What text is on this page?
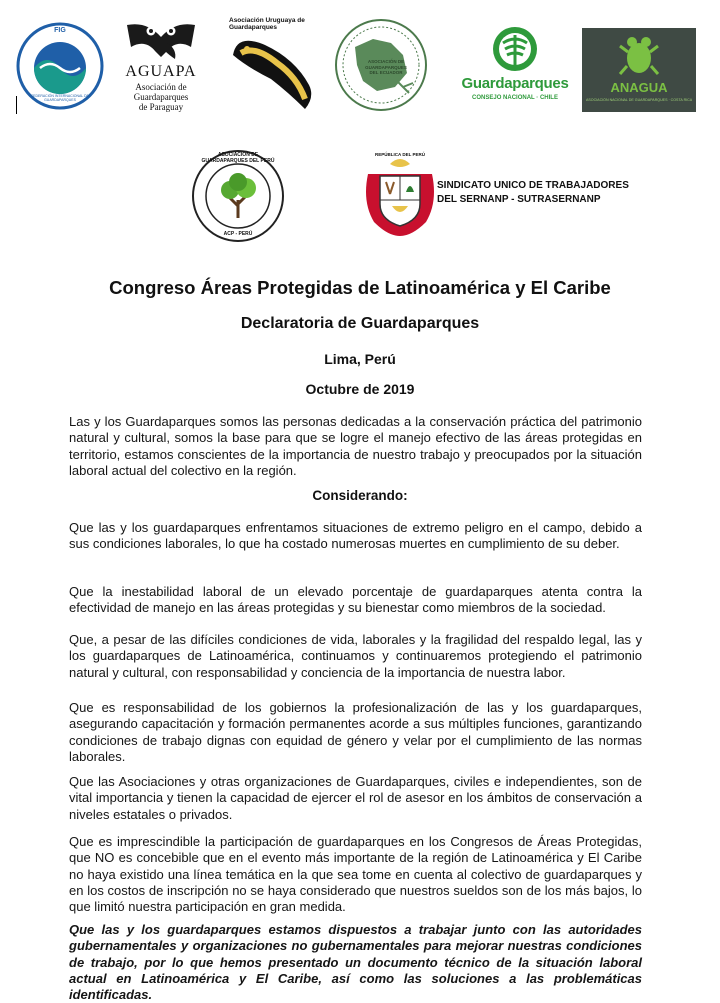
FIG
FEDERACIÓN INTERNACIONAL DE GUARDAPARQUES
AGUAPA
Asociación de
Guardaparques
de Paraguay
Asociación Uruguaya de Guardaparques
ASOCIACIÓN DE GUARDAPARQUES DEL ECUADOR
Guardaparques
CONSEJO NACIONAL · CHILE
ANAGUA
ASOCIACIÓN NACIONAL DE GUARDAPARQUES · COSTA RICA
ASOCIACIÓN DE GUARDAPARQUES DEL PERÚ
ACP - PERÚ
REPÚBLICA DEL PERÚ
SINDICATO UNICO DE TRABAJADORES
DEL SERNANP - SUTRASERNANP
Congreso Áreas Protegidas de Latinoamérica y El Caribe
Declaratoria de Guardaparques
Lima, Perú
Octubre de 2019

Las y los Guardaparques somos las personas dedicadas a la conservación práctica del patrimonio natural y cultural, somos la base para que se logre el manejo efectivo de las áreas protegidas en territorio, estamos conscientes de la importancia de nuestro trabajo y preocupados por la situación laboral actual del colectivo en la región.

Considerando:

Que las y los guardaparques enfrentamos situaciones de extremo peligro en el campo, debido a sus condiciones laborales, lo que ha costado numerosas muertes en cumplimiento de su deber.

Que la inestabilidad laboral de un elevado porcentaje de guardaparques atenta contra la efectividad de manejo en las áreas protegidas y su bienestar como miembros de la sociedad.

Que, a pesar de las difíciles condiciones de vida, laborales y la fragilidad del respaldo legal, las y los guardaparques de Latinoamérica, continuamos y continuaremos protegiendo el patrimonio natural y cultural, con responsabilidad y conciencia de la importancia de nuestra labor.

Que es responsabilidad de los gobiernos la profesionalización de las y los guardaparques, asegurando capacitación y formación permanentes acorde a sus múltiples funciones, garantizando condiciones de trabajo dignas con equidad de género y velar por el cumplimiento de las normas laborales.

Que las Asociaciones y otras organizaciones de Guardaparques, civiles e independientes, son de vital importancia y tienen la capacidad de ejercer el rol de asesor en los ámbitos de conservación a niveles estatales o privados.

Que es imprescindible la participación de guardaparques en los Congresos de Áreas Protegidas, que NO es concebible que en el evento más importante de la región de Latinoamérica y El Caribe no haya existido una línea temática en la que sea tome en cuenta al colectivo de guardaparques y en los costos de inscripción no se haya considerado que nuestros sueldos son de los más bajos, lo que limitó nuestra participación en gran medida.

Que las y los guardaparques estamos dispuestos a trabajar junto con las autoridades gubernamentales y organizaciones no gubernamentales para mejorar nuestras condiciones de trabajo, por lo que hemos presentado un documento técnico de la situación laboral actual en Latinoamérica y El Caribe, así como las soluciones a las problemáticas identificadas.
